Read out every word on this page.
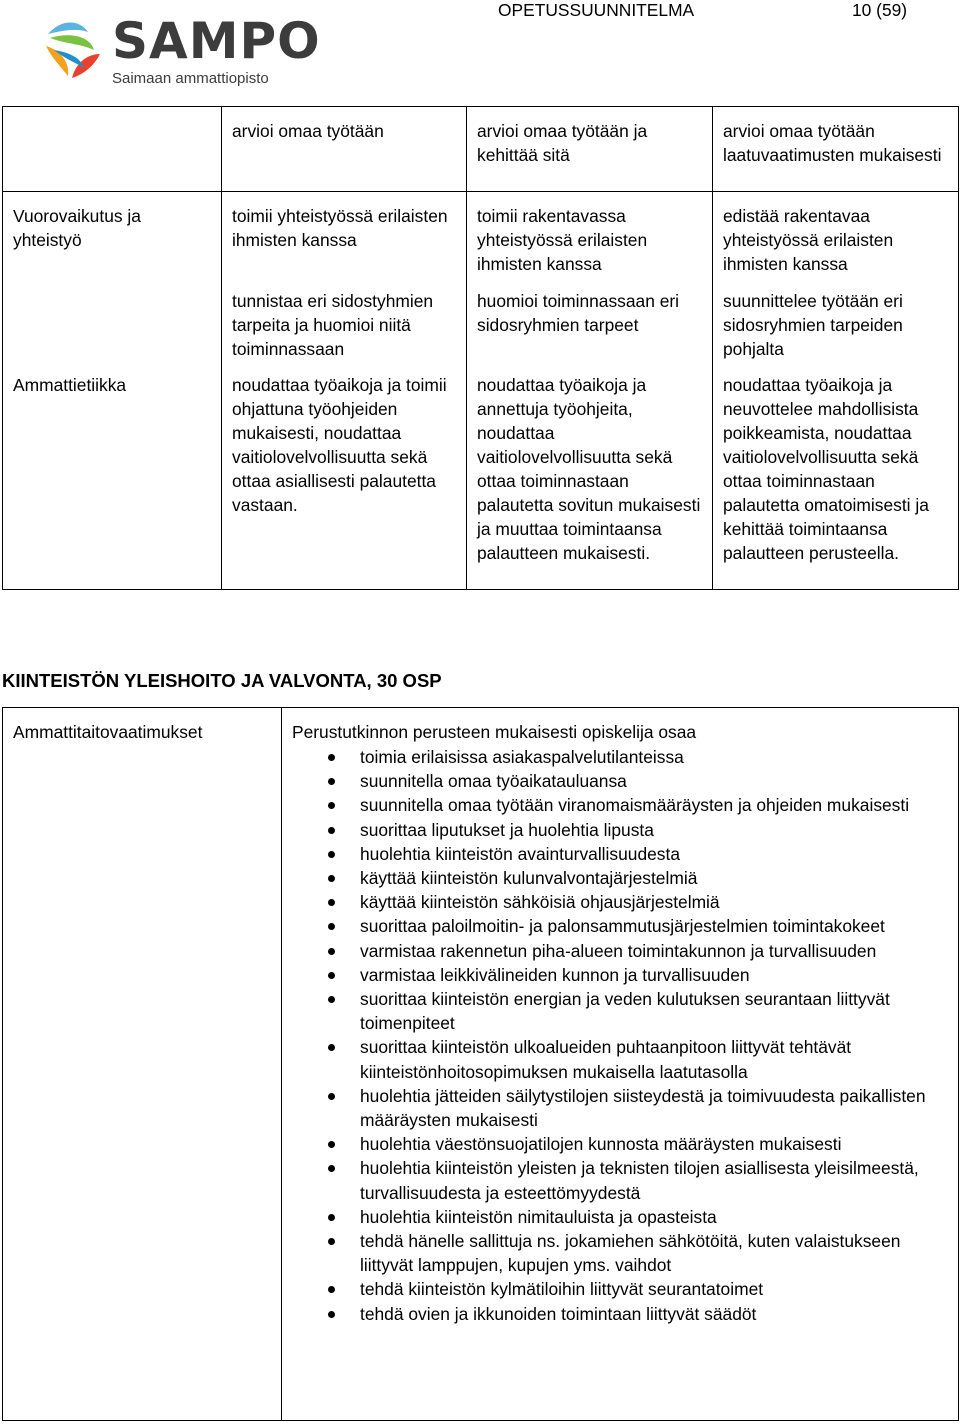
OPETUSSUUNNITELMA	10 (59)
SAMPO
Saimaan ammattiopisto
	arvioi omaa työtään	arvioi omaa työtään ja kehittää sitä	arvioi omaa työtään laatuvaatimusten mukaisesti
Vuorovaikutus ja yhteistyö	toimii yhteistyössä erilaisten ihmisten kanssa	toimii rakentavassa yhteistyössä erilaisten ihmisten kanssa	edistää rakentavaa yhteistyössä erilaisten ihmisten kanssa
	tunnistaa eri sidostyhmien tarpeita ja huomioi niitä toiminnassaan	huomioi toiminnassaan eri sidosryhmien tarpeet	suunnittelee työtään eri sidosryhmien tarpeiden pohjalta
Ammattietiikka	noudattaa työaikoja ja toimii ohjattuna työohjeiden mukaisesti, noudattaa vaitiolovelvollisuutta sekä ottaa asiallisesti palautetta vastaan.	noudattaa työaikoja ja annettuja työohjeita, noudattaa vaitiolovelvollisuutta sekä ottaa toiminnastaan palautetta sovitun mukaisesti ja muuttaa toimintaansa palautteen mukaisesti.	noudattaa työaikoja ja neuvottelee mahdollisista poikkeamista, noudattaa vaitiolovelvollisuutta sekä ottaa toiminnastaan palautetta omatoimisesti ja kehittää toimintaansa palautteen perusteella.
KIINTEISTÖN YLEISHOITO JA VALVONTA, 30 OSP
Ammattitaitovaatimukset	Perustutkinnon perusteen mukaisesti opiskelija osaa
toimia erilaisissa asiakaspalvelutilanteissa
suunnitella omaa työaikatauluansa
suunnitella omaa työtään viranomaismääräysten ja ohjeiden mukaisesti
suorittaa liputukset ja huolehtia lipusta
huolehtia kiinteistön avainturvallisuudesta
käyttää kiinteistön kulunvalvontajärjestelmiä
käyttää kiinteistön sähköisiä ohjausjärjestelmiä
suorittaa paloilmoitin- ja palonsammutusjärjestelmien toimintakokeet
varmistaa rakennetun piha-alueen toimintakunnon ja turvallisuuden
varmistaa leikkivälineiden kunnon ja turvallisuuden
suorittaa kiinteistön energian ja veden kulutuksen seurantaan liittyvät toimenpiteet
suorittaa kiinteistön ulkoalueiden puhtaanpitoon liittyvät tehtävät kiinteistönhoitosopimuksen mukaisella laatutasolla
huolehtia jätteiden säilytystilojen siisteydestä ja toimivuudesta paikallisten määräysten mukaisesti
huolehtia väestönsuojatilojen kunnosta määräysten mukaisesti
huolehtia kiinteistön yleisten ja teknisten tilojen asiallisesta yleisilmeestä, turvallisuudesta ja esteettömyydestä
huolehtia kiinteistön nimitauluista ja opasteista
tehdä hänelle sallittuja ns. jokamiehen sähkötöitä, kuten valaistukseen liittyvät lamppujen, kupujen yms. vaihdot
tehdä kiinteistön kylmätiloihin liittyvät seurantatoimet
tehdä ovien ja ikkunoiden toimintaan liittyvät säädöt
